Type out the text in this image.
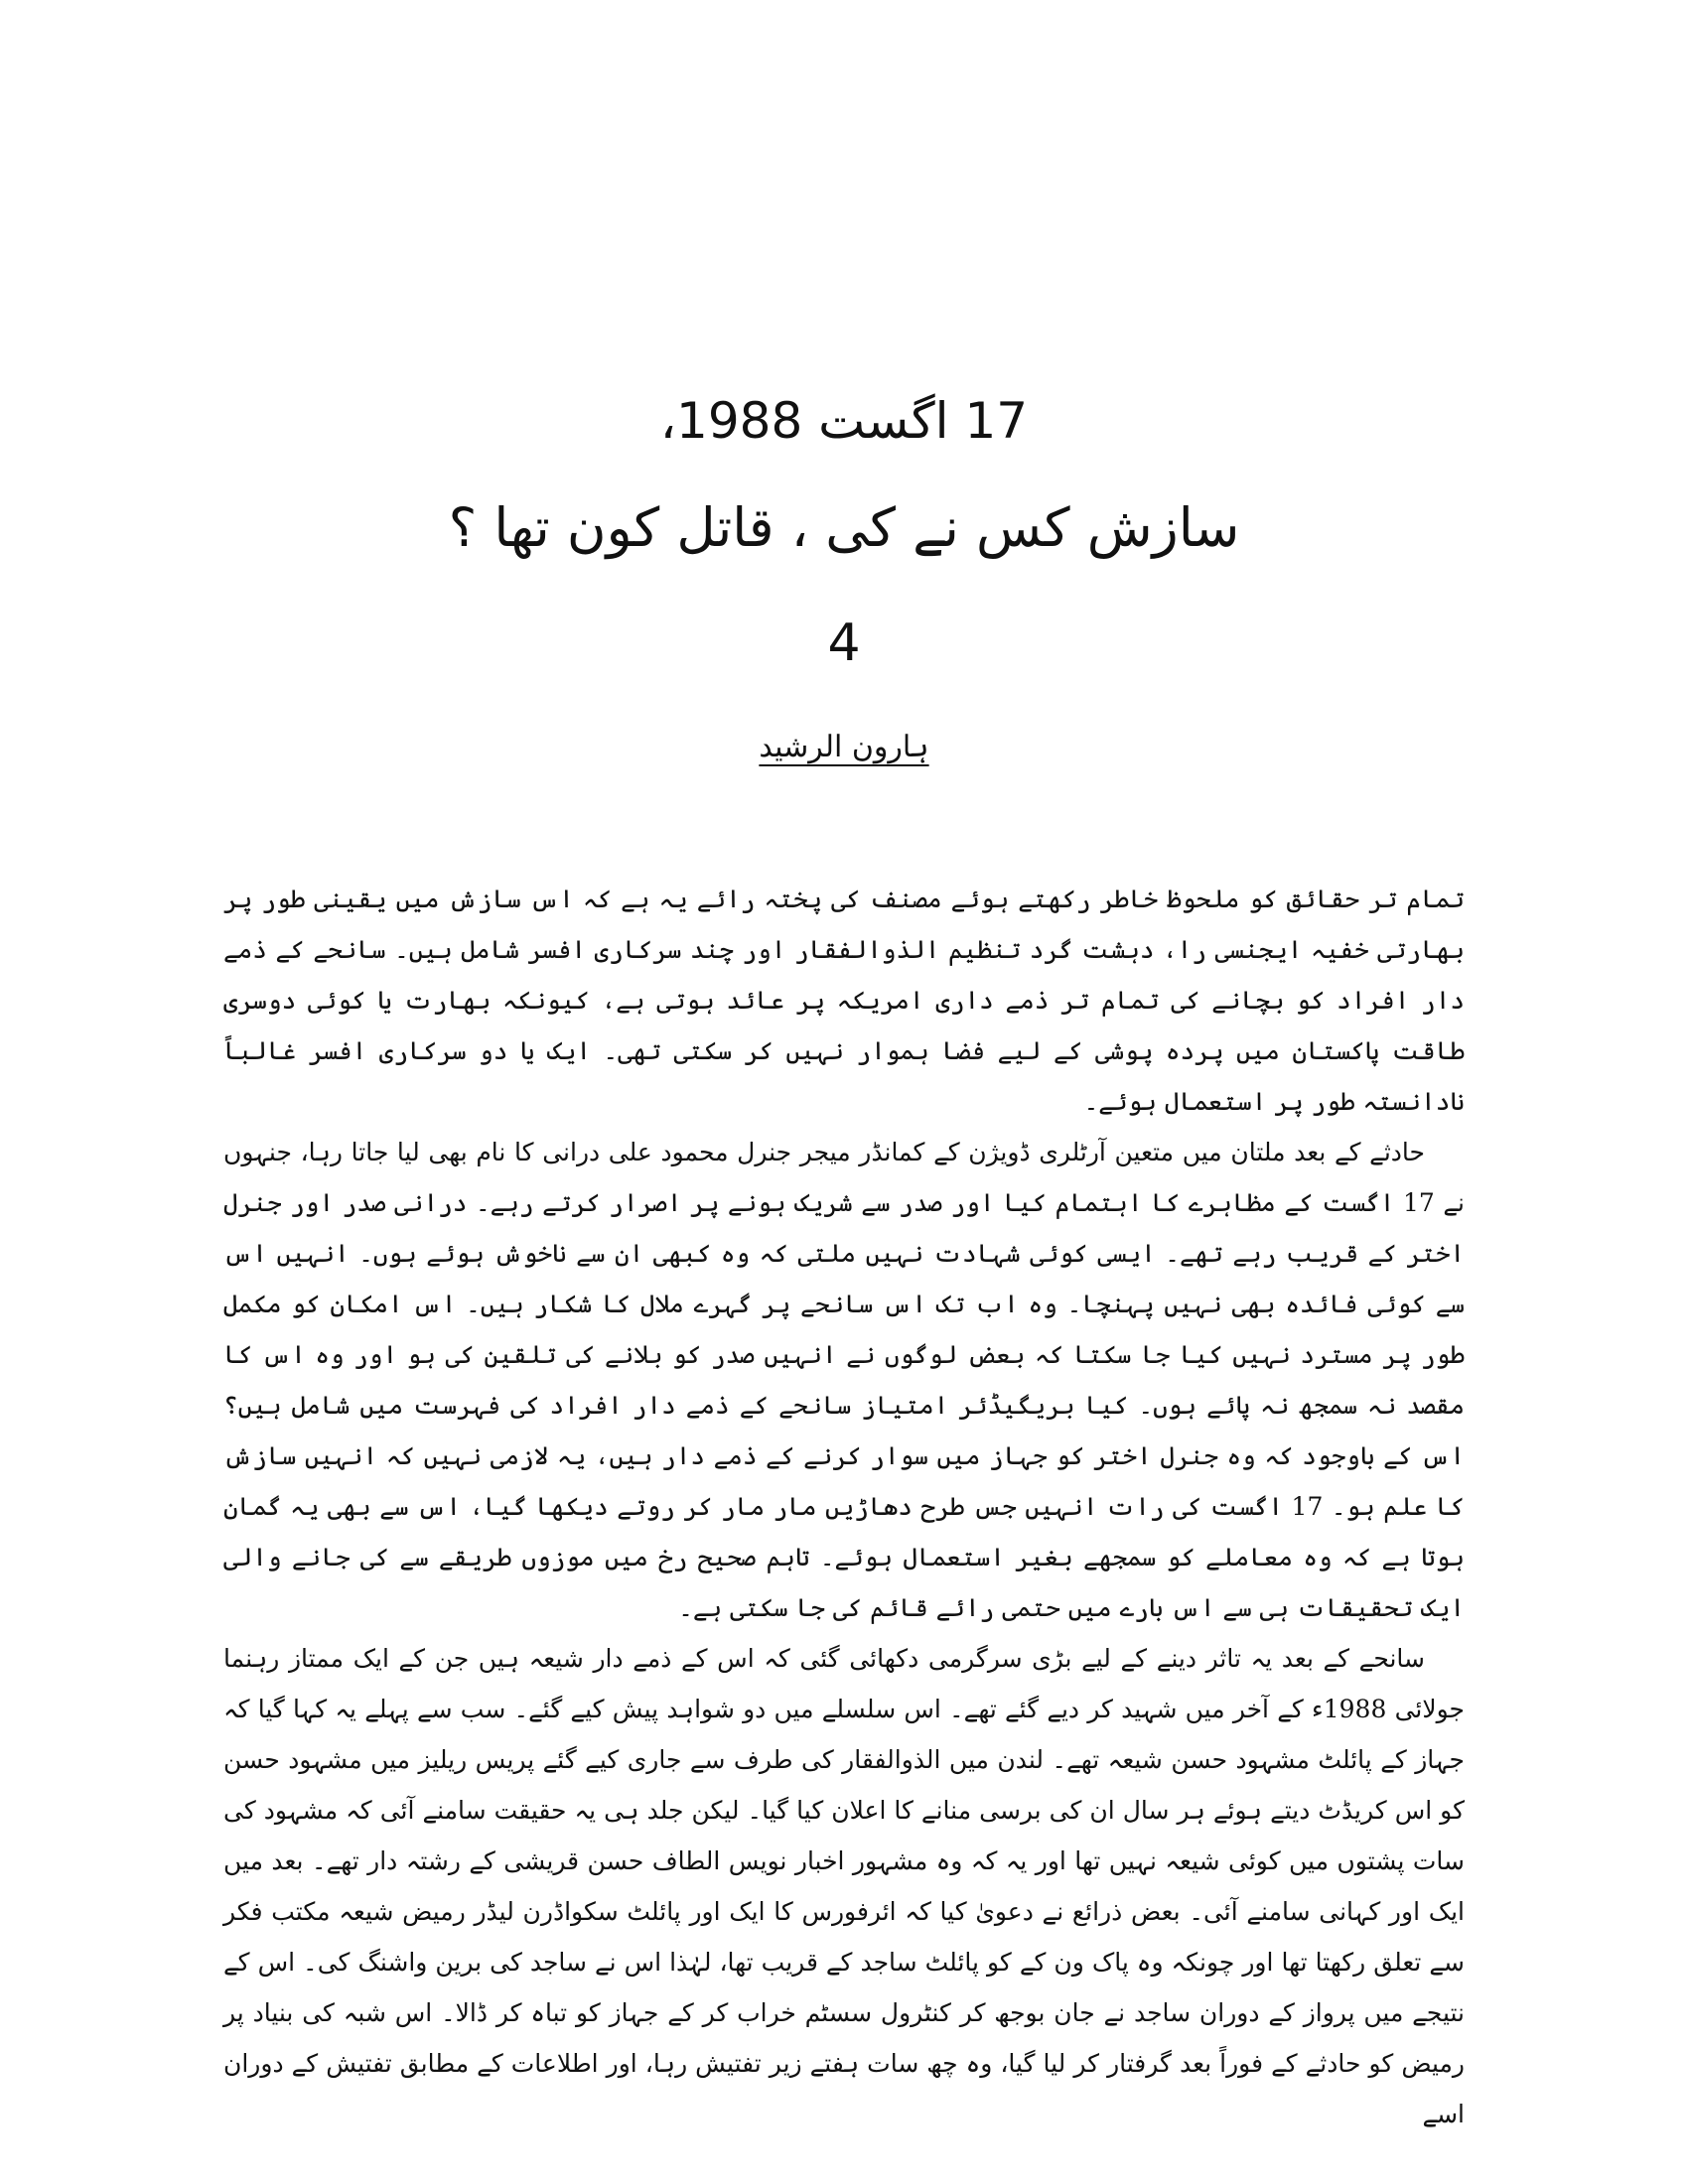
17 اگست 1988،
سازش کس نے کی ، قاتل کون تھا ؟
4
ہارون الرشید

تمام تر حقائق کو ملحوظ خاطر رکھتے ہوئے مصنف کی پختہ رائے یہ ہے کہ اس سازش میں یقینی طور پر بھارتی خفیہ ایجنسی را، دہشت گرد تنظیم الذوالفقار اور چند سرکاری افسر شامل ہیں۔ سانحے کے ذمے دار افراد کو بچانے کی تمام تر ذمے داری امریکہ پر عائد ہوتی ہے، کیونکہ بھارت یا کوئی دوسری طاقت پاکستان میں پردہ پوشی کے لیے فضا ہموار نہیں کر سکتی تھی۔ ایک یا دو سرکاری افسر غالباً نادانستہ طور پر استعمال ہوئے۔

حادثے کے بعد ملتان میں متعین آرٹلری ڈویژن کے کمانڈر میجر جنرل محمود علی درانی کا نام بھی لیا جاتا رہا، جنہوں نے 17 اگست کے مظاہرے کا اہتمام کیا اور صدر سے شریک ہونے پر اصرار کرتے رہے۔ درانی صدر اور جنرل اختر کے قریب رہے تھے۔ ایسی کوئی شہادت نہیں ملتی کہ وہ کبھی ان سے ناخوش ہوئے ہوں۔ انہیں اس سے کوئی فائدہ بھی نہیں پہنچا۔ وہ اب تک اس سانحے پر گہرے ملال کا شکار ہیں۔ اس امکان کو مکمل طور پر مسترد نہیں کیا جا سکتا کہ بعض لوگوں نے انہیں صدر کو بلانے کی تلقین کی ہو اور وہ اس کا مقصد نہ سمجھ نہ پائے ہوں۔ کیا بریگیڈئر امتیاز سانحے کے ذمے دار افراد کی فہرست میں شامل ہیں؟ اس کے باوجود کہ وہ جنرل اختر کو جہاز میں سوار کرنے کے ذمے دار ہیں، یہ لازمی نہیں کہ انہیں سازش کا علم ہو۔ 17 اگست کی رات انہیں جس طرح دھاڑیں مار مار کر روتے دیکھا گیا، اس سے بھی یہ گمان ہوتا ہے کہ وہ معاملے کو سمجھے بغیر استعمال ہوئے۔ تاہم صحیح رخ میں موزوں طریقے سے کی جانے والی ایک تحقیقات ہی سے اس بارے میں حتمی رائے قائم کی جا سکتی ہے۔

سانحے کے بعد یہ تاثر دینے کے لیے بڑی سرگرمی دکھائی گئی کہ اس کے ذمے دار شیعہ ہیں جن کے ایک ممتاز رہنما جولائی 1988ء کے آخر میں شہید کر دیے گئے تھے۔ اس سلسلے میں دو شواہد پیش کیے گئے۔ سب سے پہلے یہ کہا گیا کہ جہاز کے پائلٹ مشہود حسن شیعہ تھے۔ لندن میں الذوالفقار کی طرف سے جاری کیے گئے پریس ریلیز میں مشہود حسن کو اس کریڈٹ دیتے ہوئے ہر سال ان کی برسی منانے کا اعلان کیا گیا۔ لیکن جلد ہی یہ حقیقت سامنے آئی کہ مشہود کی سات پشتوں میں کوئی شیعہ نہیں تھا اور یہ کہ وہ مشہور اخبار نویس الطاف حسن قریشی کے رشتہ دار تھے۔ بعد میں ایک اور کہانی سامنے آئی۔ بعض ذرائع نے دعویٰ کیا کہ ائرفورس کا ایک اور پائلٹ سکواڈرن لیڈر رمیض شیعہ مکتب فکر سے تعلق رکھتا تھا اور چونکہ وہ پاک ون کے کو پائلٹ ساجد کے قریب تھا، لہٰذا اس نے ساجد کی برین واشنگ کی۔ اس کے نتیجے میں پرواز کے دوران ساجد نے جان بوجھ کر کنٹرول سسٹم خراب کر کے جہاز کو تباہ کر ڈالا۔ اس شبہ کی بنیاد پر رمیض کو حادثے کے فوراً بعد گرفتار کر لیا گیا، وہ چھ سات ہفتے زیر تفتیش رہا، اور اطلاعات کے مطابق تفتیش کے دوران اسے
